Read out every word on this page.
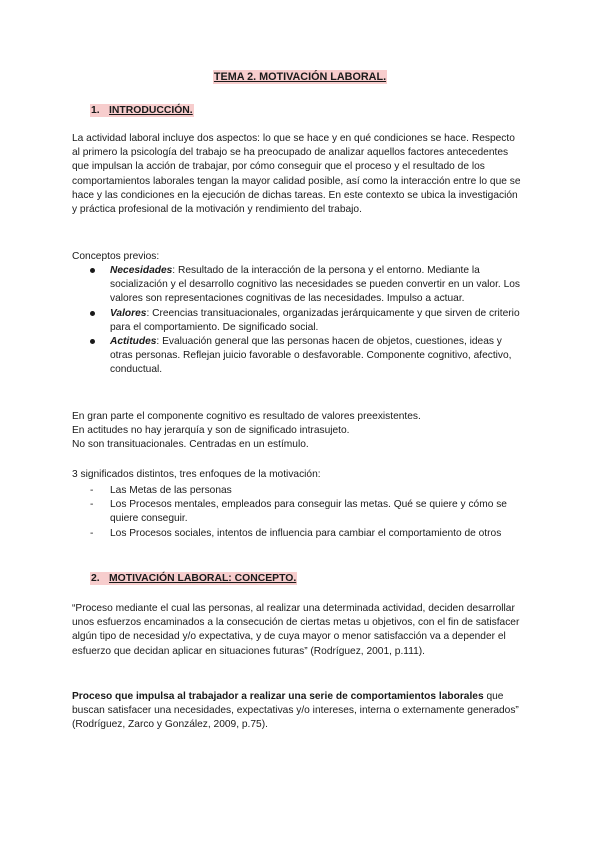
TEMA 2. MOTIVACIÓN LABORAL.
1. INTRODUCCIÓN.

La actividad laboral incluye dos aspectos: lo que se hace y en qué condiciones se hace. Respecto al primero la psicología del trabajo se ha preocupado de analizar aquellos factores antecedentes que impulsan la acción de trabajar, por cómo conseguir que el proceso y el resultado de los comportamientos laborales tengan la mayor calidad posible, así como la interacción entre lo que se hace y las condiciones en la ejecución de dichas tareas. En este contexto se ubica la investigación y práctica profesional de la motivación y rendimiento del trabajo.

Conceptos previos:

Necesidades: Resultado de la interacción de la persona y el entorno. Mediante la socialización y el desarrollo cognitivo las necesidades se pueden convertir en un valor. Los valores son representaciones cognitivas de las necesidades. Impulso a actuar.
Valores: Creencias transituacionales, organizadas jerárquicamente y que sirven de criterio para el comportamiento. De significado social.
Actitudes: Evaluación general que las personas hacen de objetos, cuestiones, ideas y otras personas. Reflejan juicio favorable o desfavorable. Componente cognitivo, afectivo, conductual.

En gran parte el componente cognitivo es resultado de valores preexistentes.

En actitudes no hay jerarquía y son de significado intrasujeto.

No son transituacionales. Centradas en un estímulo.

3 significados distintos, tres enfoques de la motivación:

- Las Metas de las personas
- Los Procesos mentales, empleados para conseguir las metas. Qué se quiere y cómo se quiere conseguir.
- Los Procesos sociales, intentos de influencia para cambiar el comportamiento de otros
2. MOTIVACIÓN LABORAL: CONCEPTO.

“Proceso mediante el cual las personas, al realizar una determinada actividad, deciden desarrollar unos esfuerzos encaminados a la consecución de ciertas metas u objetivos, con el fin de satisfacer algún tipo de necesidad y/o expectativa, y de cuya mayor o menor satisfacción va a depender el esfuerzo que decidan aplicar en situaciones futuras” (Rodríguez, 2001, p.111).

Proceso que impulsa al trabajador a realizar una serie de comportamientos laborales que buscan satisfacer una necesidades, expectativas y/o intereses, interna o externamente generados” (Rodríguez, Zarco y González, 2009, p.75).
